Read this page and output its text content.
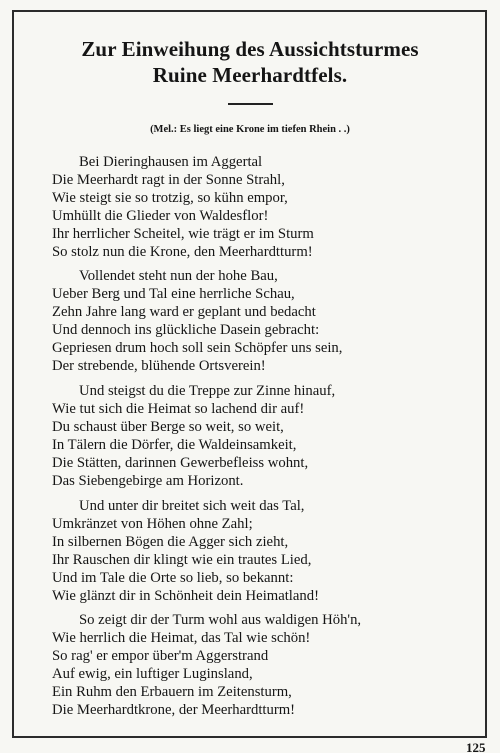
Zur Einweihung des Aussichtsturmes
Ruine Meerhardtfels.
(Mel.: Es liegt eine Krone im tiefen Rhein . .)
Bei Dieringhausen im Aggertal
Die Meerhardt ragt in der Sonne Strahl,
Wie steigt sie so trotzig, so kühn empor,
Umhüllt die Glieder von Waldesflor!
Ihr herrlicher Scheitel, wie trägt er im Sturm
So stolz nun die Krone, den Meerhardtturm!
Vollendet steht nun der hohe Bau,
Ueber Berg und Tal eine herrliche Schau,
Zehn Jahre lang ward er geplant und bedacht
Und dennoch ins glückliche Dasein gebracht:
Gepriesen drum hoch soll sein Schöpfer uns sein,
Der strebende, blühende Ortsverein!
Und steigst du die Treppe zur Zinne hinauf,
Wie tut sich die Heimat so lachend dir auf!
Du schaust über Berge so weit, so weit,
In Tälern die Dörfer, die Waldeinsamkeit,
Die Stätten, darinnen Gewerbefleiss wohnt,
Das Siebengebirge am Horizont.
Und unter dir breitet sich weit das Tal,
Umkränzet von Höhen ohne Zahl;
In silbernen Bögen die Agger sich zieht,
Ihr Rauschen dir klingt wie ein trautes Lied,
Und im Tale die Orte so lieb, so bekannt:
Wie glänzt dir in Schönheit dein Heimatland!
So zeigt dir der Turm wohl aus waldigen Höh'n,
Wie herrlich die Heimat, das Tal wie schön!
So rag' er empor über'm Aggerstrand
Auf ewig, ein luftiger Luginsland,
Ein Ruhm den Erbauern im Zeitensturm,
Die Meerhardtkrone, der Meerhardtturm!
125
